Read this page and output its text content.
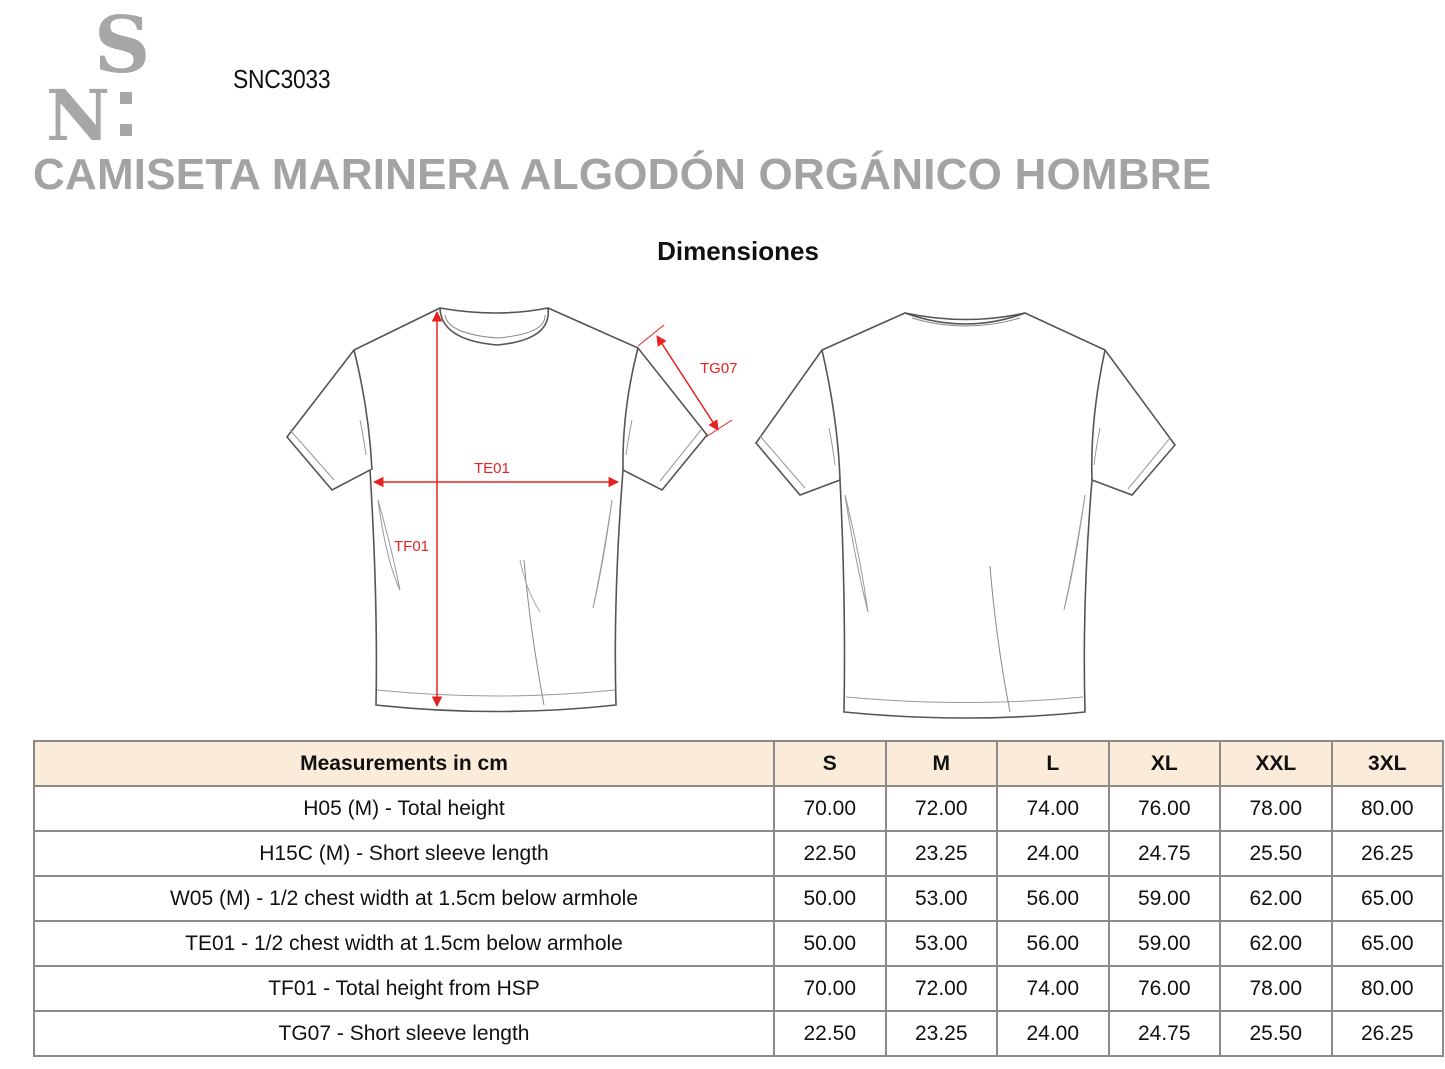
S
N	SNC3033
CAMISETA MARINERA ALGODÓN ORGÁNICO HOMBRE
Dimensiones
TG07
TE01
TF01
Measurements in cm	S	M	L	XL	XXL	3XL
H05 (M) - Total height	70.00	72.00	74.00	76.00	78.00	80.00
H15C (M) - Short sleeve length	22.50	23.25	24.00	24.75	25.50	26.25
W05 (M) - 1/2 chest width at 1.5cm below armhole	50.00	53.00	56.00	59.00	62.00	65.00
TE01 - 1/2 chest width at 1.5cm below armhole	50.00	53.00	56.00	59.00	62.00	65.00
TF01 - Total height from HSP	70.00	72.00	74.00	76.00	78.00	80.00
TG07 - Short sleeve length	22.50	23.25	24.00	24.75	25.50	26.25
